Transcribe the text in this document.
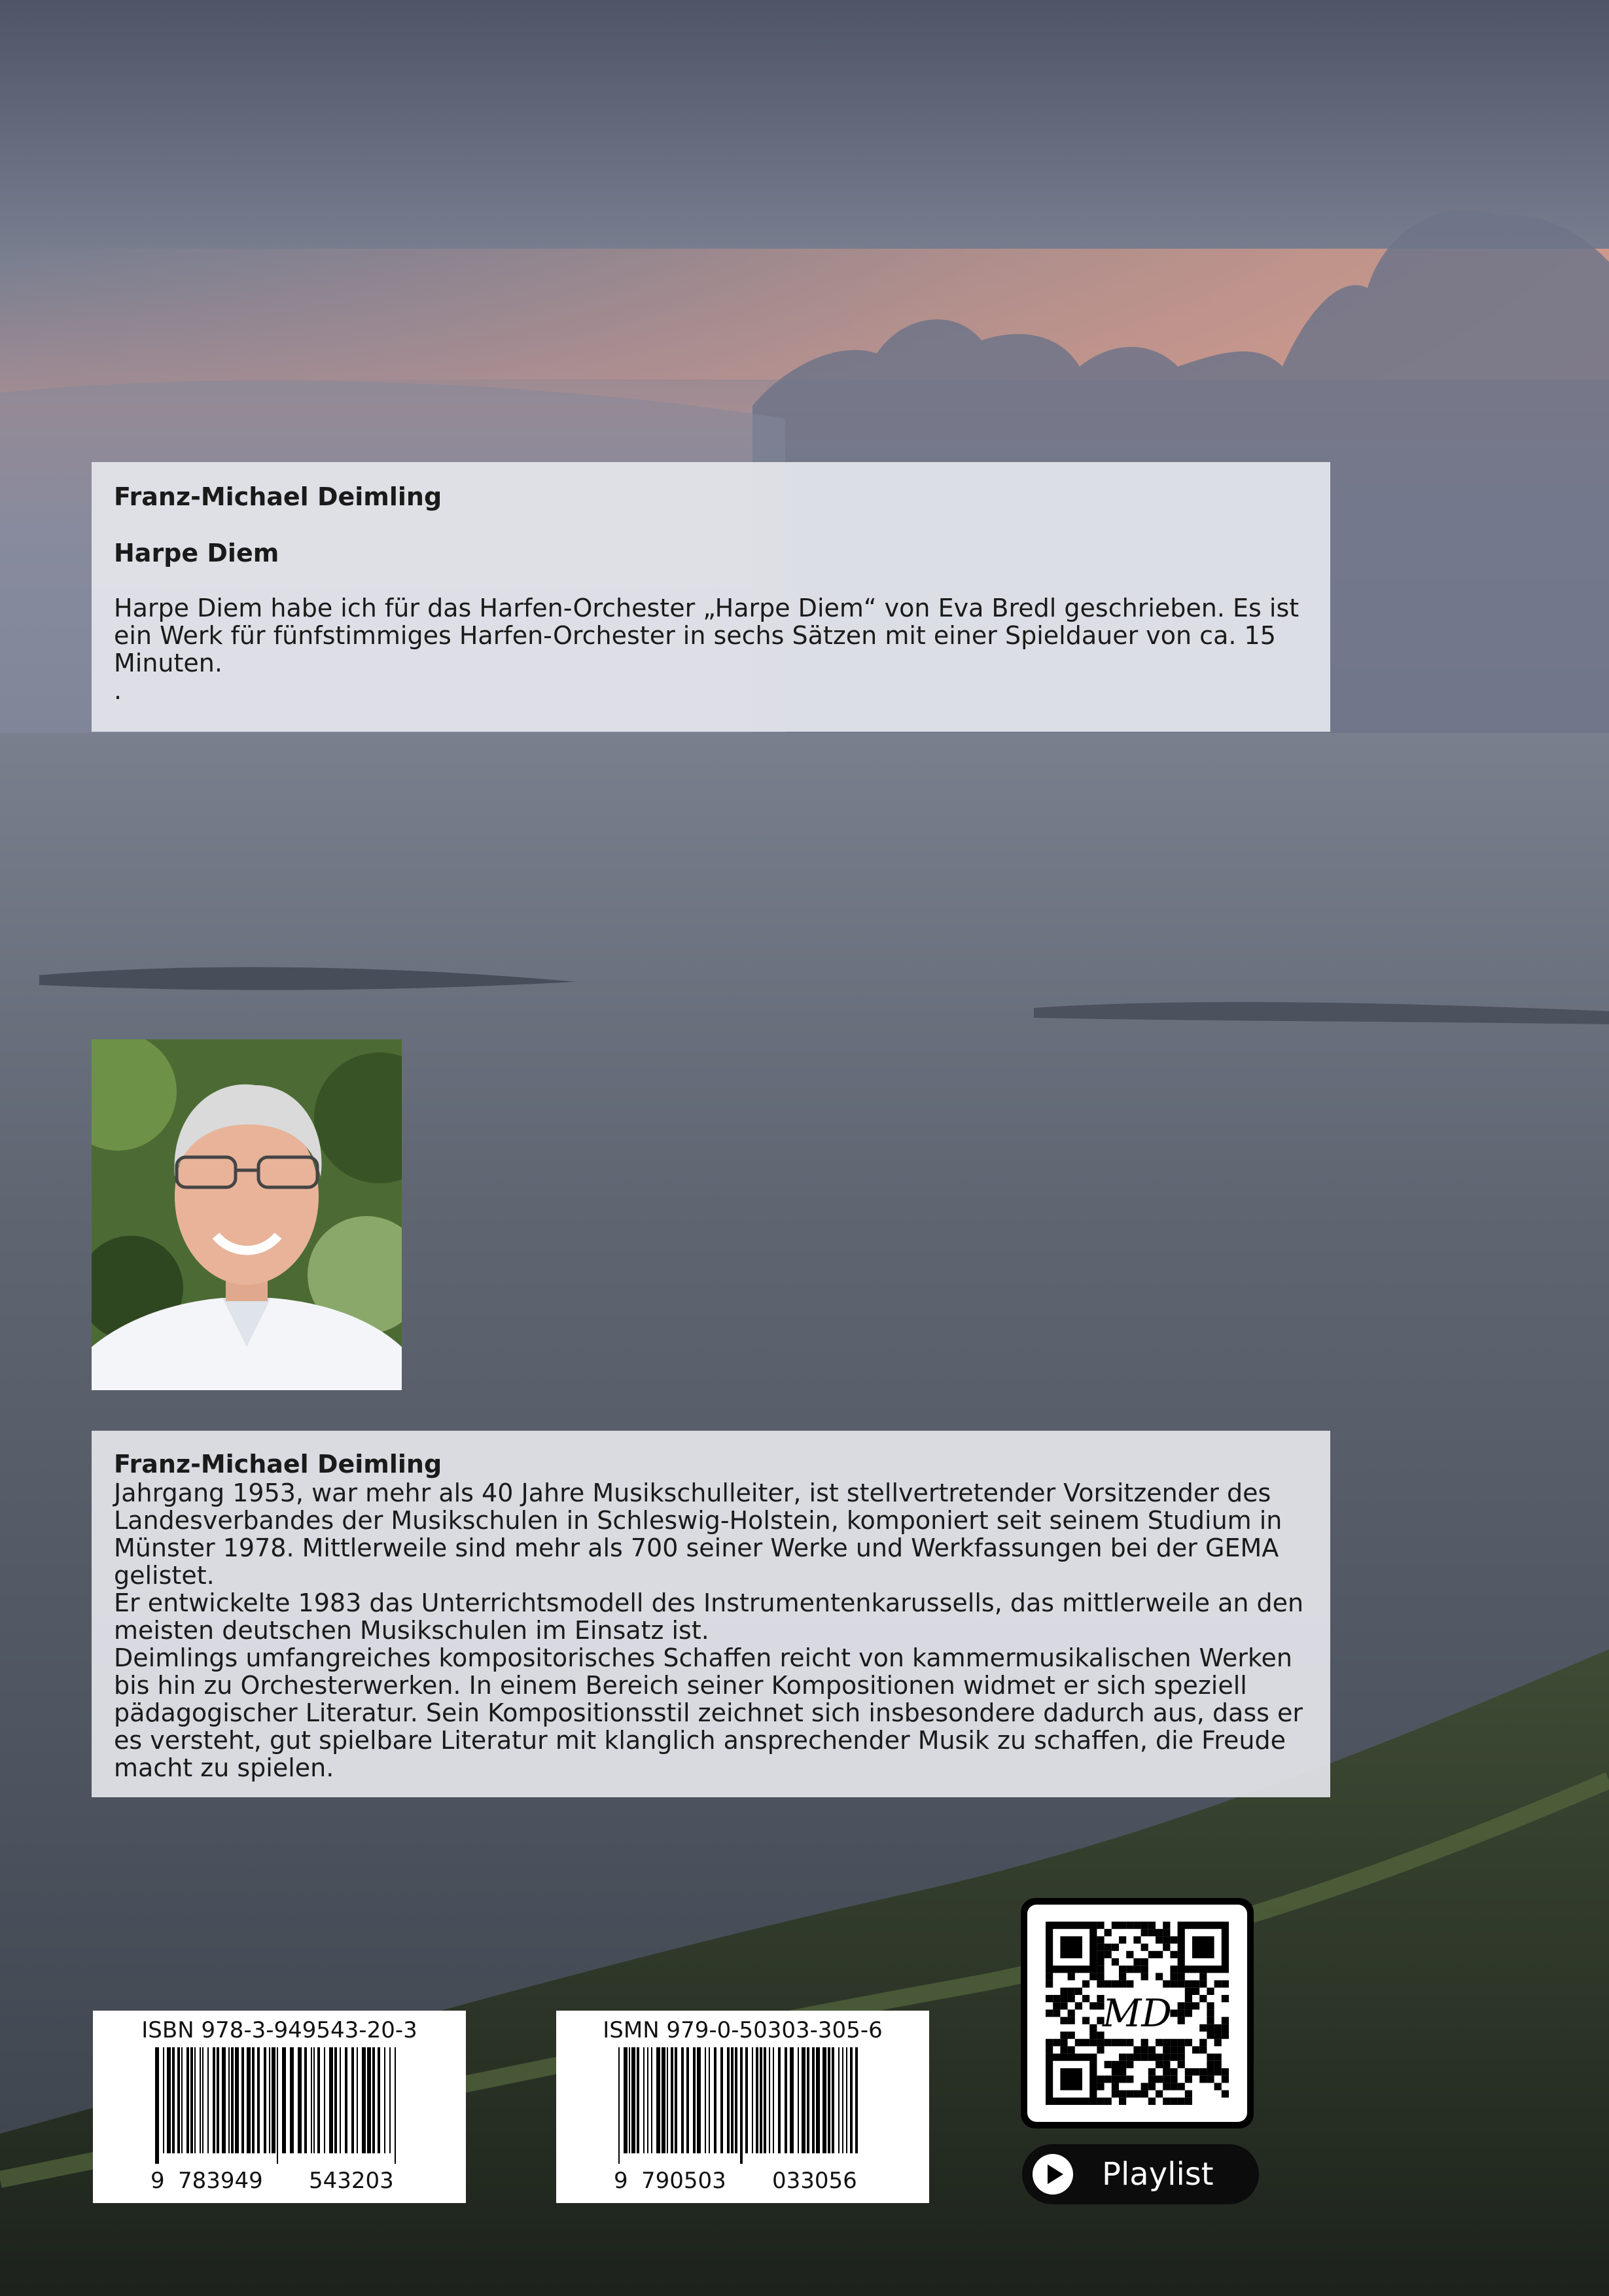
Franz-Michael Deimling

Harpe Diem

Harpe Diem habe ich für das Harfen-Orchester „Harpe Diem“ von Eva Bredl geschrieben. Es ist ein Werk für fünfstimmiges Harfen-Orchester in sechs Sätzen mit einer Spieldauer von ca. 15 Minuten.

.

Franz-Michael Deimling

Jahrgang 1953, war mehr als 40 Jahre Musikschulleiter, ist stellvertretender Vorsitzender des Landesverbandes der Musikschulen in Schleswig-Holstein, komponiert seit seinem Studium in Münster 1978. Mittlerweile sind mehr als 700 seiner Werke und Werkfassungen bei der GEMA gelistet.

Er entwickelte 1983 das Unterrichtsmodell des Instrumentenkarussells, das mittlerweile an den meisten deutschen Musikschulen im Einsatz ist.

Deimlings umfangreiches kompositorisches Schaffen reicht von kammermusikalischen Werken bis hin zu Orchesterwerken. In einem Bereich seiner Kompositionen widmet er sich speziell pädagogischer Literatur. Sein Kompositionsstil zeichnet sich insbesondere dadurch aus, dass er es versteht, gut spielbare Literatur mit klanglich ansprechender Musik zu schaffen, die Freude macht zu spielen.

ISBN 978-3-949543-20-3
9 783949 543203
ISMN 979-0-50303-305-6
9 790503 033056
MD
Playlist
